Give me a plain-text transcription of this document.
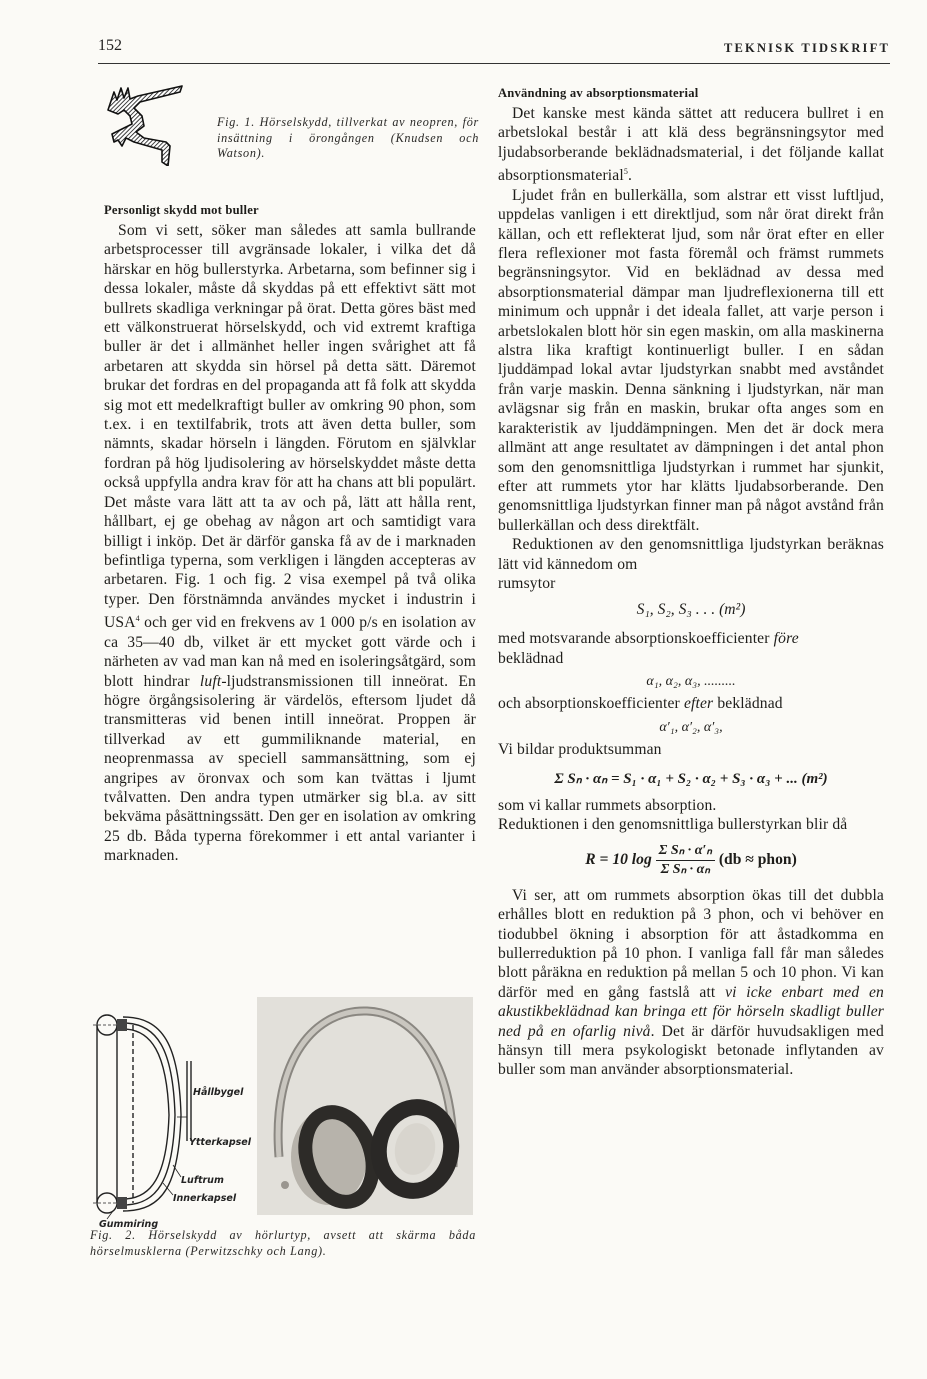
152	TEKNISK TIDSKRIFT
Fig. 1. Hörselskydd, tillverkat av neopren, för insättning i örongången (Knudsen och Watson).

Personligt skydd mot buller

Som vi sett, söker man således att samla bullrande arbetsprocesser till avgränsade lokaler, i vilka det då härskar en hög bullerstyrka. Arbetarna, som befinner sig i dessa lokaler, måste då skyddas på ett effektivt sätt mot bullrets skadliga verkningar på örat. Detta göres bäst med ett välkonstruerat hörselskydd, och vid extremt kraftiga buller är det i allmänhet heller ingen svårighet att få arbetaren att skydda sin hörsel på detta sätt. Däremot brukar det fordras en del propaganda att få folk att skydda sig mot ett medelkraftigt buller av omkring 90 phon, som t.ex. i en textilfabrik, trots att även detta buller, som nämnts, skadar hörseln i längden. Förutom en självklar fordran på hög ljudisolering av hörselskyddet måste detta också uppfylla andra krav för att ha chans att bli populärt. Det måste vara lätt att ta av och på, lätt att hålla rent, hållbart, ej ge obehag av någon art och samtidigt vara billigt i inköp. Det är därför ganska få av de i marknaden befintliga typerna, som verkligen i längden accepteras av arbetaren. Fig. 1 och fig. 2 visa exempel på två olika typer. Den förstnämnda användes mycket i industrin i USA$^4$ och ger vid en frekvens av 1 000 p/s en isolation av ca 35—40 db, vilket är ett mycket gott värde och i närheten av vad man kan nå med en isoleringsåtgärd, som blott hindrar luft-ljudstransmissionen till inneörat. En högre örgångsisolering är värdelös, eftersom ljudet då transmitteras vid benen intill inneörat. Proppen är tillverkad av ett gummiliknande material, en neoprenmassa av speciell sammansättning, som ej angripes av öronvax och som kan tvättas i ljumt tvålvatten. Den andra typen utmärker sig bl.a. av sitt bekväma påsättningssätt. Den ger en isolation av omkring 25 db. Båda typerna förekommer i ett antal varianter i marknaden.

Hållbygel
Ytterkapsel
Luftrum
Innerkapsel
Gummiring
Fig. 2. Hörselskydd av hörlurtyp, avsett att skärma båda hörselmusklerna (Perwitzschky och Lang).

Användning av absorptionsmaterial

Det kanske mest kända sättet att reducera bullret i en arbetslokal består i att klä dess begränsningsytor med ljudabsorberande beklädnadsmaterial, i det följande kallat absorptionsmaterial$^5$.

Ljudet från en bullerkälla, som alstrar ett visst luftljud, uppdelas vanligen i ett direktljud, som når örat direkt från källan, och ett reflekterat ljud, som når örat efter en eller flera reflexioner mot fasta föremål och främst rummets begränsningsytor. Vid en beklädnad av dessa med absorptionsmaterial dämpar man ljudreflexionerna till ett minimum och uppnår i det ideala fallet, att varje person i arbetslokalen blott hör sin egen maskin, om alla maskinerna alstra lika kraftigt kontinuerligt buller. I en sådan ljuddämpad lokal avtar ljudstyrkan snabbt med avståndet från varje maskin. Denna sänkning i ljudstyrkan, när man avlägsnar sig från en maskin, brukar ofta anges som en karakteristik av ljuddämpningen. Men det är dock mera allmänt att ange resultatet av dämpningen i det antal phon som den genomsnittliga ljudstyrkan i rummet har sjunkit, efter att rummets ytor har klätts ljudabsorberande. Den genomsnittliga ljudstyrkan finner man på något avstånd från bullerkällan och dess direktfält.

Reduktionen av den genomsnittliga ljudstyrkan beräknas lätt vid kännedom om

rumsytor

S₁, S₂, S₃ . . . (m²)

med motsvarande absorptionskoefficienter före

beklädnad

α₁, α₂, α₃, .........

och absorptionskoefficienter efter beklädnad

α′₁, α′₂, α′₃,

Vi bildar produktsumman

Σ Sₙ · αₙ = S₁ · α₁ + S₂ · α₂ + S₃ · α₃ + ... (m²)

som vi kallar rummets absorption.

Reduktionen i den genomsnittliga bullerstyrkan blir då

R = 10 $\log \frac{\text{Σ Sₙ · α′ₙ}}{\text{Σ Sₙ · αₙ}} (db$ ≈ phon)

Vi ser, att om rummets absorption ökas till det dubbla erhålles blott en reduktion på 3 phon, och vi behöver en tiodubbel ökning i absorption för att åstadkomma en bullerreduktion på 10 phon. I vanliga fall får man således blott påräkna en reduktion på mellan 5 och 10 phon. Vi kan därför med en gång fastslå att vi icke enbart med en akustikbeklädnad kan bringa ett för hörseln skadligt buller ned på en ofarlig nivå. Det är därför huvudsakligen med hänsyn till mera psykologiskt betonade inflytanden av buller som man använder absorptionsmaterial.
